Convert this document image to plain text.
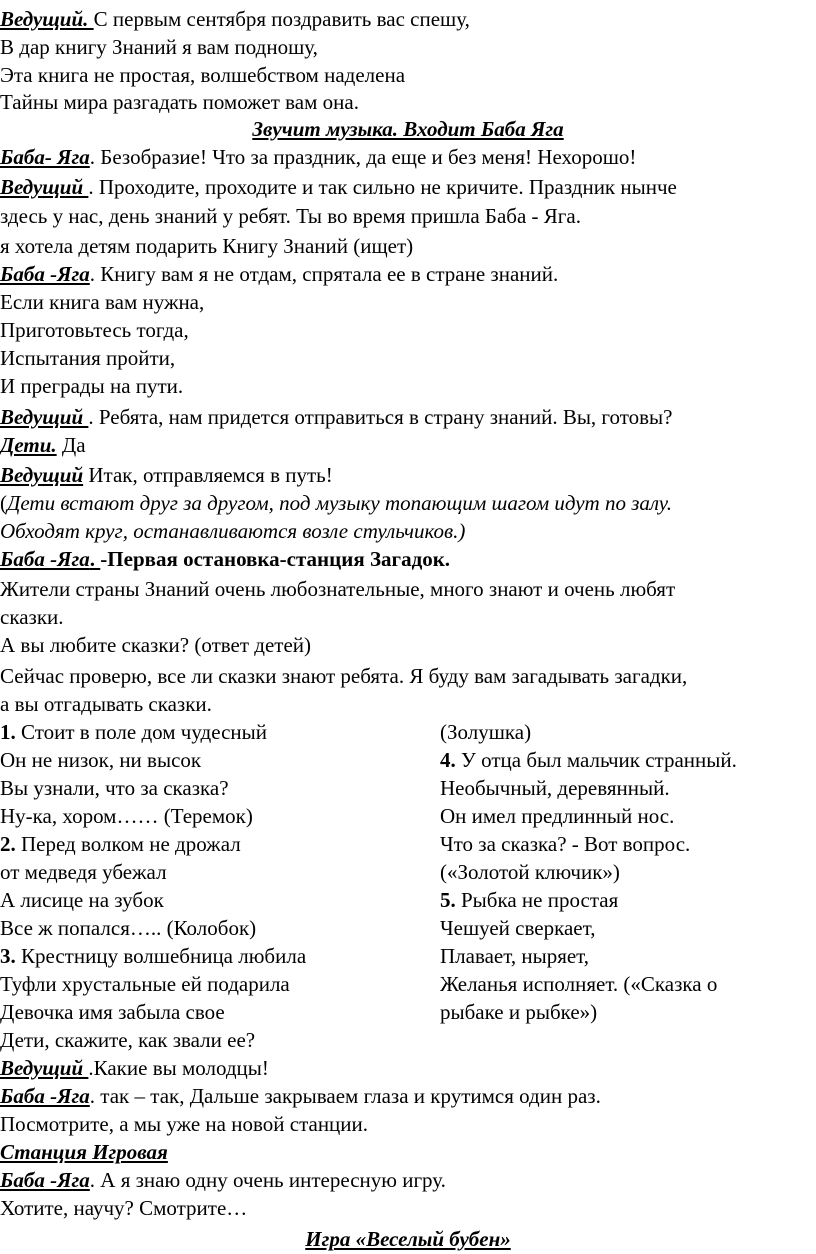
Ведущий. С первым сентября поздравить вас спешу,
В дар книгу Знаний я вам подношу,
Эта книга не простая, волшебством наделена
Тайны мира разгадать поможет вам она.
Звучит музыка. Входит Баба Яга
Баба- Яга. Безобразие! Что за праздник, да еще и без меня! Нехорошо!
Ведущий . Проходите, проходите и так сильно не кричите. Праздник нынче
здесь у нас, день знаний у ребят. Ты во время пришла Баба - Яга.
я хотела детям подарить Книгу Знаний (ищет)
Баба -Яга. Книгу вам я не отдам, спрятала ее в стране знаний.
Если книга вам нужна,
Приготовьтесь тогда,
Испытания пройти,
И преграды на пути.
Ведущий . Ребята, нам придется отправиться в страну знаний. Вы, готовы?
Дети. Да
Ведущий Итак, отправляемся в путь!
(Дети встают друг за другом, под музыку топающим шагом идут по залу.
Обходят круг, останавливаются возле стульчиков.)
Баба -Яга. -Первая остановка-станция Загадок.
Жители страны Знаний очень любознательные, много знают и очень любят
сказки.
А вы любите сказки? (ответ детей)
Сейчас проверю, все ли сказки знают ребята. Я буду вам загадывать загадки,
а вы отгадывать сказки.
1. Стоит в поле дом чудесный
Он не низок, ни высок
Вы узнали, что за сказка?
Ну-ка, хором…… (Теремок)
2. Перед волком не дрожал
от медведя убежал
А лисице на зубок
Все ж попался….. (Колобок)
3. Крестницу волшебница любила
Туфли хрустальные ей подарила
Девочка имя забыла свое
(Золушка)
4. У отца был мальчик странный.
Необычный, деревянный.
Он имел предлинный нос.
Что за сказка? - Вот вопрос.
(«Золотой ключик»)
5. Рыбка не простая
Чешуей сверкает,
Плавает, ныряет,
Желанья исполняет. («Сказка о
рыбаке и рыбке»)
Дети, скажите, как звали ее?
Ведущий .Какие вы молодцы!
Баба -Яга. так – так, Дальше закрываем глаза и крутимся один раз.
Посмотрите, а мы уже на новой станции.
Станция Игровая
Баба -Яга. А я знаю одну очень интересную игру.
Хотите, научу? Смотрите…
Игра «Веселый бубен»
